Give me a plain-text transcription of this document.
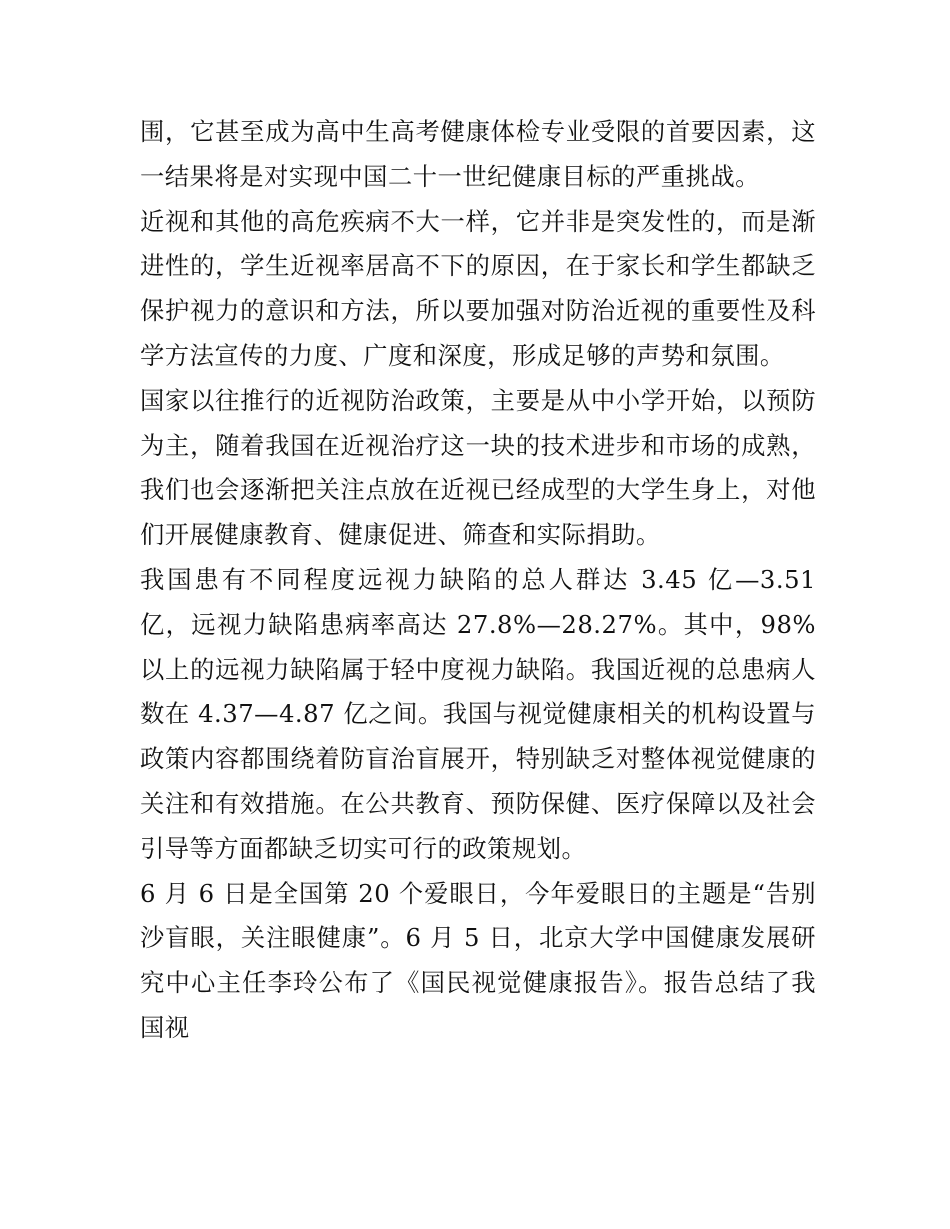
围，它甚至成为高中生高考健康体检专业受限的首要因素，这一结果将是对实现中国二十一世纪健康目标的严重挑战。

近视和其他的高危疾病不大一样，它并非是突发性的，而是渐进性的，学生近视率居高不下的原因，在于家长和学生都缺乏保护视力的意识和方法，所以要加强对防治近视的重要性及科学方法宣传的力度、广度和深度，形成足够的声势和氛围。

国家以往推行的近视防治政策，主要是从中小学开始，以预防为主，随着我国在近视治疗这一块的技术进步和市场的成熟，我们也会逐渐把关注点放在近视已经成型的大学生身上，对他们开展健康教育、健康促进、筛查和实际捐助。

我国患有不同程度远视力缺陷的总人群达 3.45 亿—3.51 亿，远视力缺陷患病率高达 27.8%—28.27%。其中，98%以上的远视力缺陷属于轻中度视力缺陷。我国近视的总患病人数在 4.37—4.87 亿之间。我国与视觉健康相关的机构设置与政策内容都围绕着防盲治盲展开，特别缺乏对整体视觉健康的关注和有效措施。在公共教育、预防保健、医疗保障以及社会引导等方面都缺乏切实可行的政策规划。

6 月 6 日是全国第 20 个爱眼日，今年爱眼日的主题是“告别沙盲眼，关注眼健康”。6 月 5 日，北京大学中国健康发展研究中心主任李玲公布了《国民视觉健康报告》。报告总结了我国视
